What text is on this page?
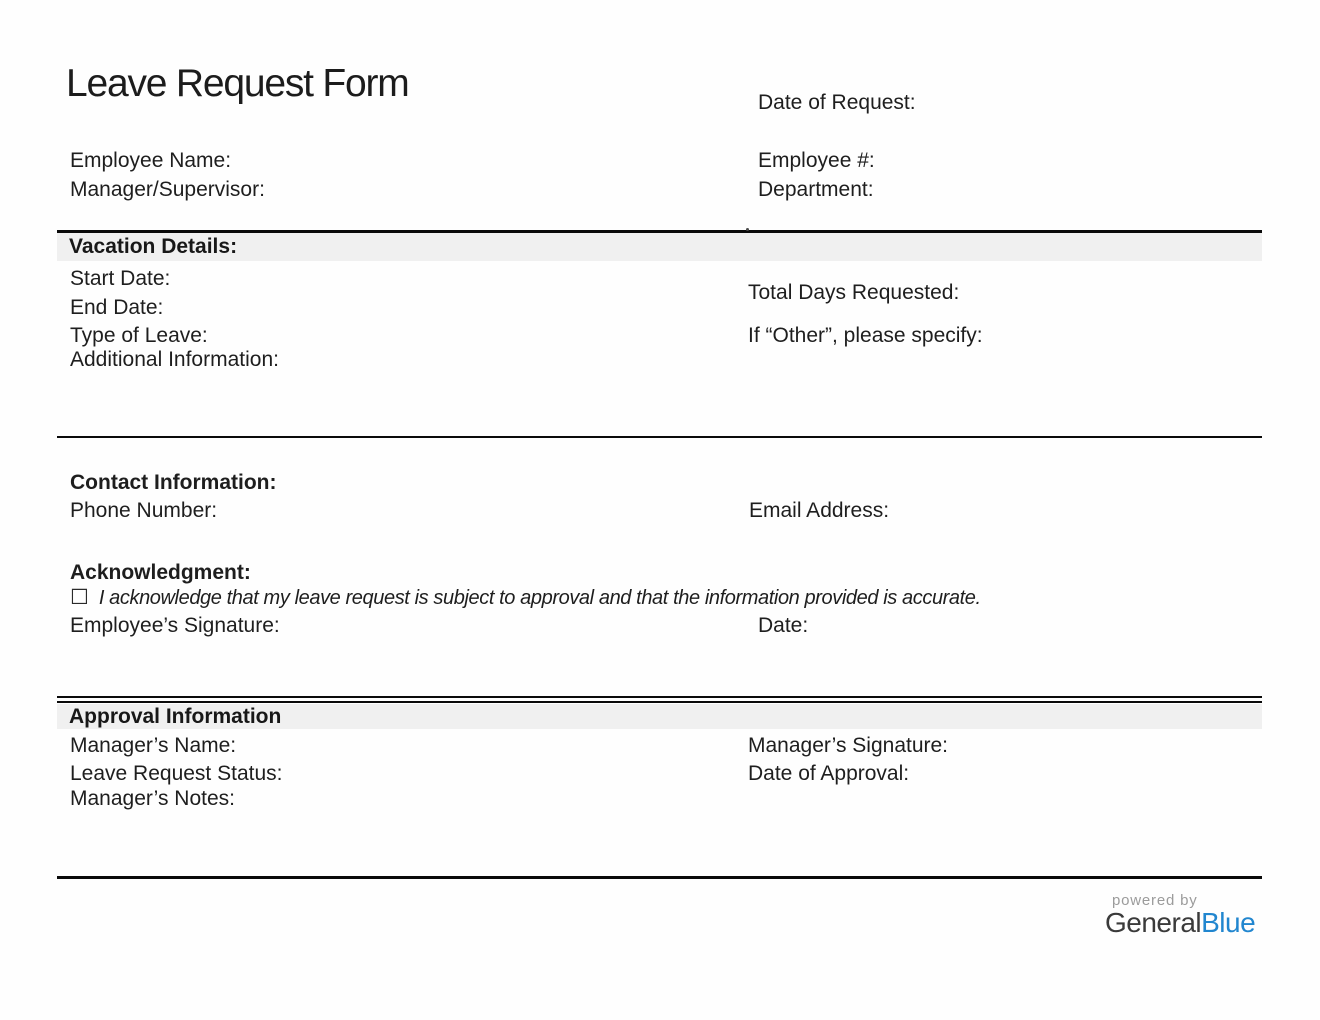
Leave Request Form	Date of Request:
Employee Name:	Employee #:
Manager/Supervisor:	Department:
Vacation Details:
Start Date:
Total Days Requested:
End Date:
Type of Leave:	If “Other”, please specify:
Additional Information:
Contact Information:
Phone Number:	Email Address:
Acknowledgment:
☐ I acknowledge that my leave request is subject to approval and that the information provided is accurate.
Employee’s Signature:	Date:
Approval Information
Manager’s Name:	Manager’s Signature:
Leave Request Status:	Date of Approval:
Manager’s Notes:
powered by
GeneralBlue
